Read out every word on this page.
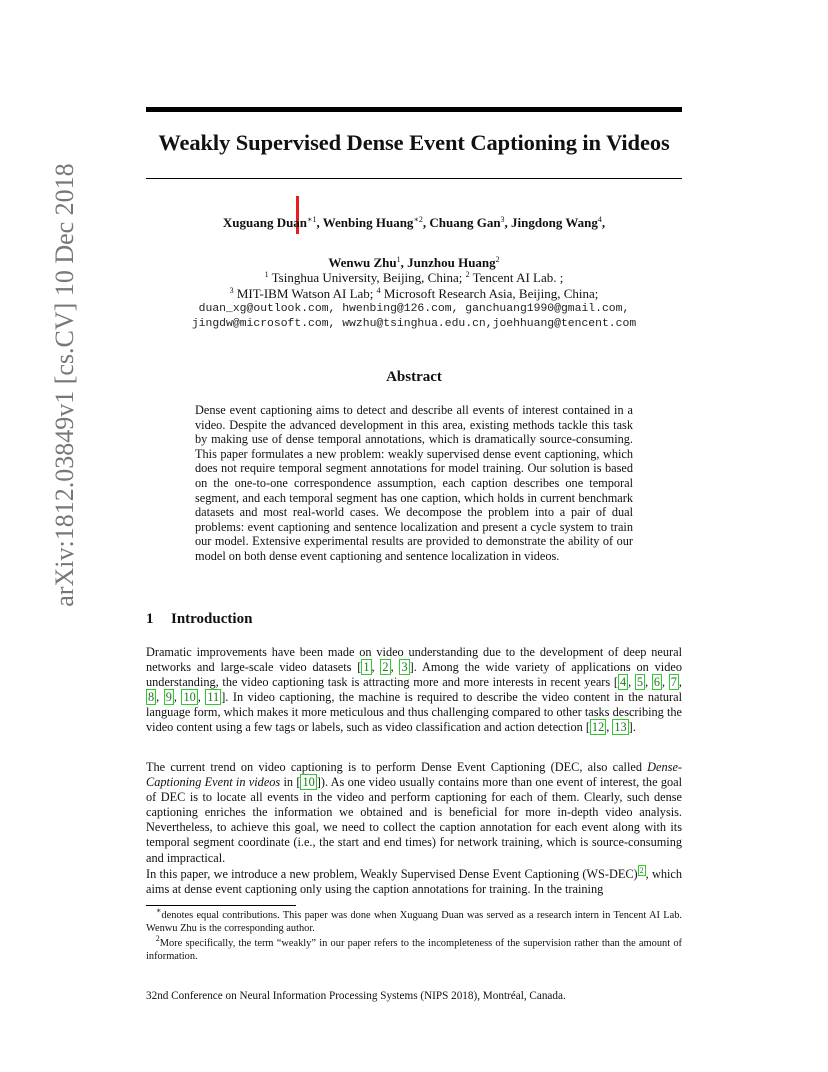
arXiv:1812.03849v1 [cs.CV] 10 Dec 2018
Weakly Supervised Dense Event Captioning in Videos
Xuguang Duan$^{∗1}$, Wenbing Huang$^{∗2}$, Chuang Gan$^3$, Jingdong Wang$^4$,
Wenwu Zhu$^1$, Junzhou Huang$^2$
$^1$ Tsinghua University, Beijing, China; $^2$ Tencent AI Lab. ;
$^3$ MIT-IBM Watson AI Lab; $^4$ Microsoft Research Asia, Beijing, China;
duan_xg@outlook.com, hwenbing@126.com, ganchuang1990@gmail.com,
jingdw@microsoft.com, wwzhu@tsinghua.edu.cn,joehhuang@tencent.com
Abstract
Dense event captioning aims to detect and describe all events of interest contained in a video. Despite the advanced development in this area, existing methods tackle this task by making use of dense temporal annotations, which is dramatically source-consuming. This paper formulates a new problem: weakly supervised dense event captioning, which does not require temporal segment annotations for model training. Our solution is based on the one-to-one correspondence assumption, each caption describes one temporal segment, and each temporal segment has one caption, which holds in current benchmark datasets and most real-world cases. We decompose the problem into a pair of dual problems: event captioning and sentence localization and present a cycle system to train our model. Extensive experimental results are provided to demonstrate the ability of our model on both dense event captioning and sentence localization in videos.
1 Introduction
Dramatic improvements have been made on video understanding due to the development of deep neural networks and large-scale video datasets [ 1 , 2 , 3 ]. Among the wide variety of applications on video understanding, the video captioning task is attracting more and more interests in recent years [ 4 , 5 , 6 , 7 , 8 , 9 , 10 , 11 ]. In video captioning, the machine is required to describe the video content in the natural language form, which makes it more meticulous and thus challenging compared to other tasks describing the video content using a few tags or labels, such as video classification and action detection [ 12 , 13 ].
The current trend on video captioning is to perform Dense Event Captioning (DEC, also called Dense-Captioning Event in videos in [ 10 ]). As one video usually contains more than one event of interest, the goal of DEC is to locate all events in the video and perform captioning for each of them. Clearly, such dense captioning enriches the information we obtained and is beneficial for more in-depth video analysis. Nevertheless, to achieve this goal, we need to collect the caption annotation for each event along with its temporal segment coordinate (i.e., the start and end times) for network training, which is source-consuming and impractical.
In this paper, we introduce a new problem, Weakly Supervised Dense Event Captioning (WS-DEC) $^2$ , which aims at dense event captioning only using the caption annotations for training. In the training
∗denotes equal contributions. This paper was done when Xuguang Duan was served as a research intern in Tencent AI Lab. Wenwu Zhu is the corresponding author.
$^2$More specifically, the term “weakly” in our paper refers to the incompleteness of the supervision rather than the amount of information.
32nd Conference on Neural Information Processing Systems (NIPS 2018), Montréal, Canada.
